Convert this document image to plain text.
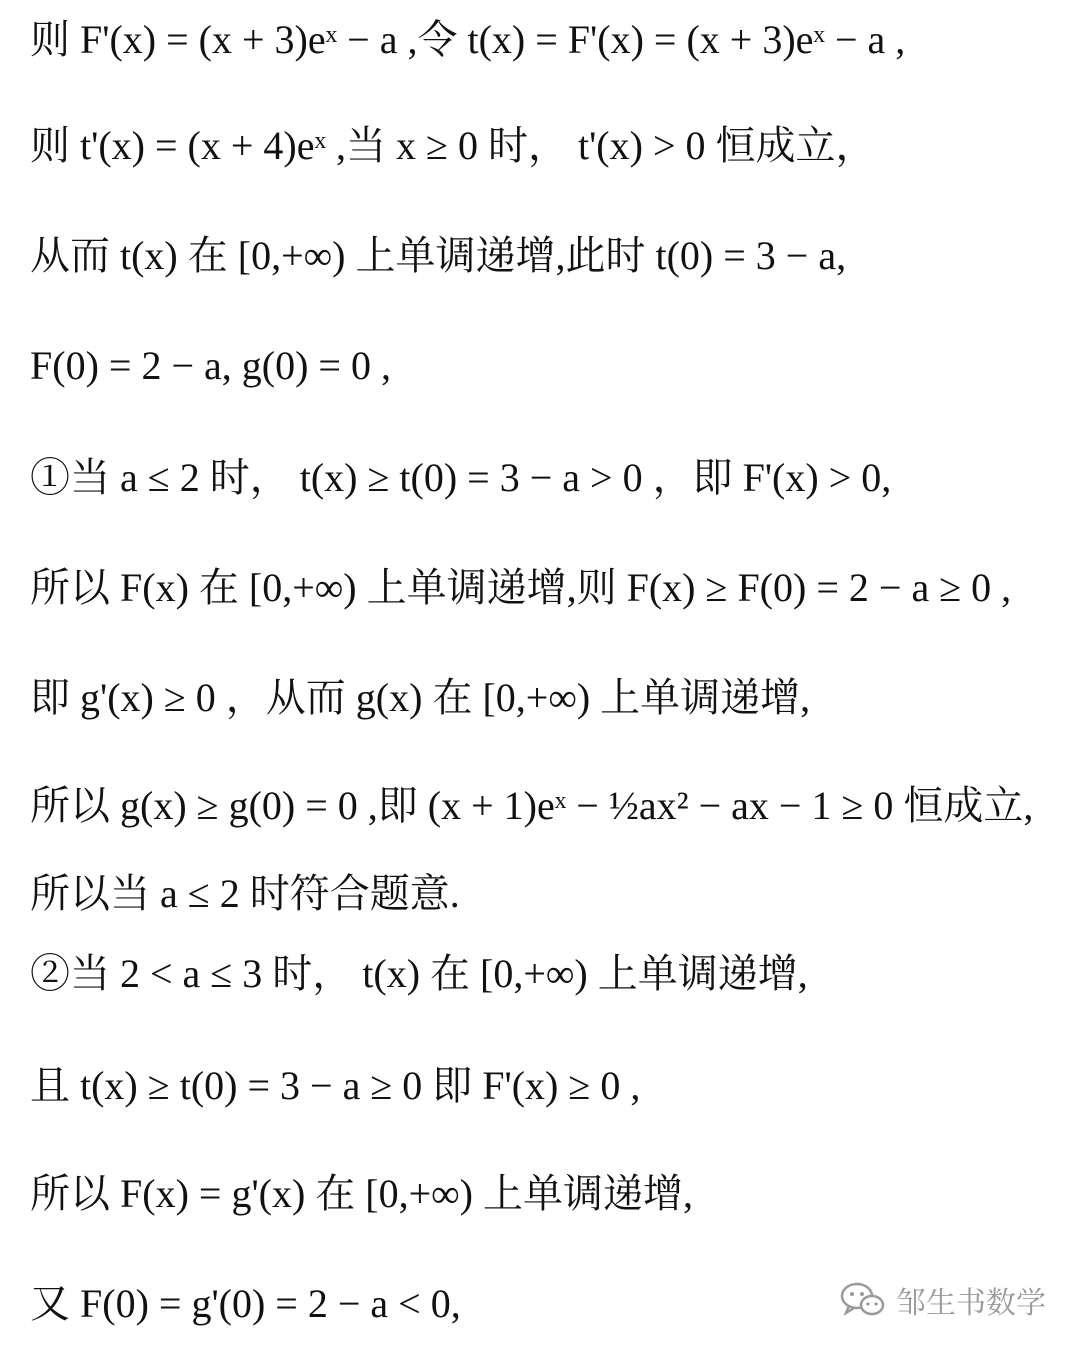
则 F'(x) = (x + 3)eˣ − a ,令 t(x) = F'(x) = (x + 3)eˣ − a ,
则 t'(x) = (x + 4)eˣ ,当 x ≥ 0 时， t'(x) > 0 恒成立，
从而 t(x) 在 [0,+∞) 上单调递增,此时 t(0) = 3 − a,
F(0) = 2 − a, g(0) = 0 ,
①当 a ≤ 2 时， t(x) ≥ t(0) = 3 − a > 0 ，即 F'(x) > 0,
所以 F(x) 在 [0,+∞) 上单调递增,则 F(x) ≥ F(0) = 2 − a ≥ 0 ,
即 g'(x) ≥ 0 ，从而 g(x) 在 [0,+∞) 上单调递增,
所以 g(x) ≥ g(0) = 0 ,即 (x + 1)eˣ − ½ax² − ax − 1 ≥ 0 恒成立,
所以当 a ≤ 2 时符合题意.
②当 2 < a ≤ 3 时， t(x) 在 [0,+∞) 上单调递增,
且 t(x) ≥ t(0) = 3 − a ≥ 0 即 F'(x) ≥ 0 ,
所以 F(x) = g'(x) 在 [0,+∞) 上单调递增,
又 F(0) = g'(0) = 2 − a < 0,	邹生书数学
